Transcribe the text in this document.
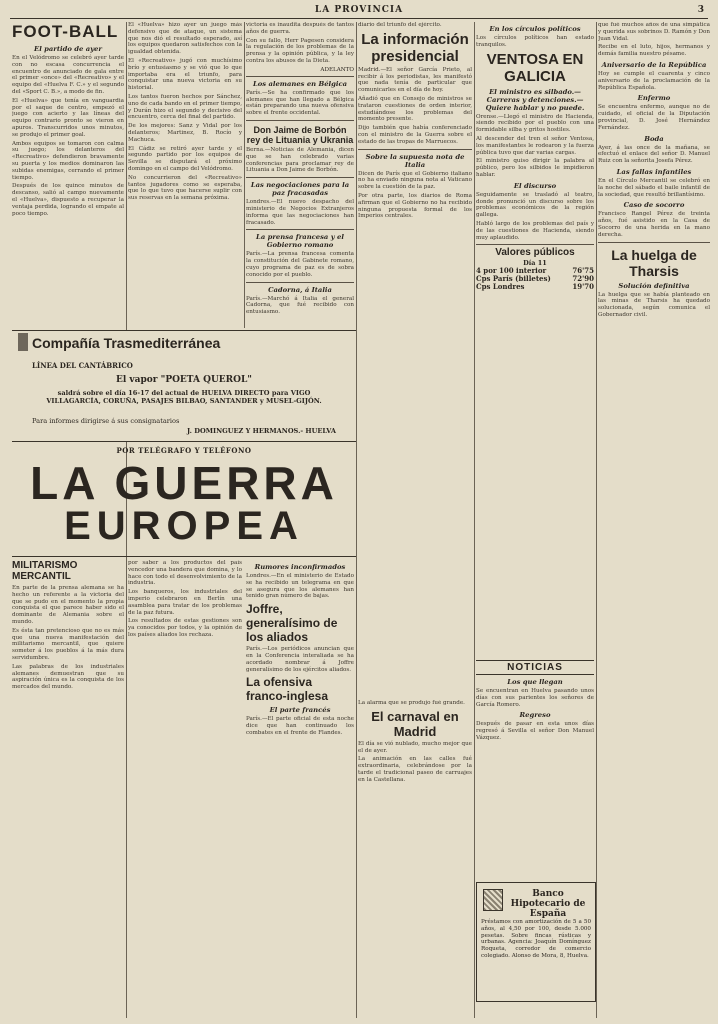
LA PROVINCIA	3
FOOT-BALL
El partido de ayer

En el Velódromo se celebró ayer tarde con no escasa concurrencia el encuentro de anunciado de gala entre el primer «once» del «Recreativo» y el equipo del «Huelva F. C.» y el segundo del «Sport C. B.», a modo de fin.

El «Huelva» que tenía en vanguardia por el saque de centro, empezó el juego con acierto y las líneas del equipo contrario pronto se vieron en apuros. Transcurridos unos minutos, se produjo el primer goal.

Ambos equipos se tomaron con calma su juego; los delanteros del «Recreativo» defendieron bravamente su puerta y los medios dominaron las subidas enemigas, cerrando el primer tiempo.

Después de los quince minutos de descanso, salió al campo nuevamente el «Huelva», dispuesto a recuperar la ventaja perdida, logrando el empate al poco tiempo.

El «Huelva» hizo ayer un juego más defensivo que de ataque, un sistema que nos dió el resultado esperado, así los equipos quedaron satisfechos con la igualdad obtenida.

El «Recreativo» jugó con muchísimo brío y entusiasmo y se vió que lo que importaba era el triunfo, para conquistar una nueva victoria en su historial.

Los tantos fueron hechos por Sánchez, uno de cada bando en el primer tiempo, y Durán hizo el segundo y decisivo del encuentro, cerca del final del partido.

De los mejores: Sanz y Vidal por los delanteros; Martinez, B. Rocío y Machuca.

El Cádiz se retiró ayer tarde y el segundo partido por los equipos de Sevilla se disputará el próximo domingo en el campo del Velódromo.

No concurrieron del «Recreativo» tantos jugadores como se esperaba, que lo que tuvo que hacerse suplir con sus reservas en la semana próxima.

victoria es inaudita después de tantos años de guerra.

Con su fallo, Herr Pagesen considera la regulación de los problemas de la prensa y la opinión pública, y la ley contra los abusos de la Dieta.

ADELANTO
Los alemanes en Bélgica

París.—Se ha confirmado que los alemanes que han llegado a Bélgica están preparando una nueva ofensiva sobre el frente occidental.

Don Jaime de Borbón rey de Lituania y Ukrania

Berna.—Noticias de Alemania, dicen que se han celebrado varias conferencias para proclamar rey de Lituania a Don Jaime de Borbón.

Las negociaciones para la paz fracasadas

Londres.—El nuevo despacho del ministerio de Negocios Extranjeros informa que las negociaciones han fracasado.

La prensa francesa y el Gobierno romano

París.—La prensa francesa comenta la constitución del Gabinete romano, cuyo programa de paz es de sobra conocido por el pueblo.

Cadorna, á Italia

París.—Marchó á Italia el general Cadorna, que fué recibido con entusiasmo.

diario del triunfo del ejército.

La información presidencial

Madrid.—El señor García Prieto, al recibir á los periodistas, les manifestó que nada tenía de particular que comunicarles en el día de hoy.

Añadió que en Consejo de ministros se trataron cuestiones de orden interior, estudiándose los problemas del momento presente.

Dijo también que había conferenciado con el ministro de la Guerra sobre el estado de las tropas de Marruecos.

Sobre la supuesta nota de Italia

Dicen de París que el Gobierno italiano no ha enviado ninguna nota al Vaticano sobre la cuestión de la paz.

Por otra parte, los diarios de Roma afirman que el Gobierno no ha recibido ninguna propuesta formal de los Imperios centrales.

En los círculos políticos

Los círculos políticos han estado tranquilos.

VENTOSA EN GALICIA
El ministro es silbado.—Carreras y detenciones.—Quiere hablar y no puede.

Orense.—Llegó el ministro de Hacienda, siendo recibido por el pueblo con una formidable silba y gritos hostiles.

Al descender del tren el señor Ventosa, los manifestantes le rodearon y la fuerza pública tuvo que dar varias cargas.

El ministro quiso dirigir la palabra al público, pero los silbidos le impidieron hablar.

El discurso

Seguidamente se trasladó al teatro, donde pronunció un discurso sobre los problemas económicos de la región gallega.

Habló largo de los problemas del país y de las cuestiones de Hacienda, siendo muy aplaudido.

Valores públicos
Día 11
4 por 100 interior	76'75
Cps París (billetes)	72'90
Cps Londres	19'70

que fué muchos años de una simpática y querida sus sobrinos D. Ramón y Don Juan Vidal.

Recibe en el luto, hijos, hermanos y demás familia nuestro pésame.

Aniversario de la República

Hoy se cumple el cuarenta y cinco aniversario de la proclamación de la República Española.

Enfermo

Se encuentra enfermo, aunque no de cuidado, el oficial de la Diputación provincial, D. José Hernández Fernández.

Boda

Ayer, á las once de la mañana, se efectuó el enlace del señor D. Manuel Ruiz con la señorita Josefa Pérez.

Las fallas infantiles

En el Círculo Mercantil se celebró en la noche del sábado el baile infantil de la sociedad, que resultó brillantísimo.

Caso de socorro

Francisco Rangel Pérez de treinta años, fué asistido en la Casa de Socorro de una herida en la mano derecha.

La huelga de Tharsis
Solución definitiva

La huelga que se había planteado en las minas de Tharsis ha quedado solucionada, según comunica el Gobernador civil.

Compañía Trasmediterránea
LÍNEA DEL CANTÁBRICO
El vapor "POETA QUEROL"
saldrá sobre el día 16-17 del actual de HUELVA DIRECTO para VIGO VILLAGARCÍA, CORUÑA, PASAJES BILBAO, SANTANDER y MUSEL-GIJÓN.
Para informes dirigirse á sus consignatarios
J. DOMINGUEZ Y HERMANOS.- HUELVA
POR TELÉGRAFO Y TELÉFONO
LA GUERRA
EUROPEA
MILITARISMO MERCANTIL

En parte de la prensa alemana se ha hecho un referente a la victoria del que se pudo en el momento la propia conquista el que parece haber sido el dominante de Alemania sobre el mundo.

Es ésta tan pretencioso que no es más que una nueva manifestación del militarismo mercantil, que quiere someter á los pueblos á la más dura servidumbre.

Las palabras de los industriales alemanes demuestran que su aspiración única es la conquista de los mercados del mundo.

por saber a los productos del país vencedor una bandera que domina, y lo hace con todo el desenvolvimiento de la industria.

Los banqueros, los industriales del imperio celebraron en Berlín una asamblea para tratar de los problemas de la paz futura.

Los resultados de estas gestiones son ya conocidos por todos, y la opinión de los países aliados los rechaza.

Rumores inconfirmados

Londres.—En el ministerio de Estado se ha recibido un telegrama en que se asegura que los alemanes han tenido gran número de bajas.

Joffre, generalísimo de los aliados

París.—Los periódicos anuncian que en la Conferencia interaliada se ha acordado nombrar á Joffre generalísimo de los ejércitos aliados.

La ofensiva franco-inglesa
El parte francés

París.—El parte oficial de esta noche dice que han continuado los combates en el frente de Flandes.

La alarma que se produjo fué grande.

El carnaval en Madrid

El día se vió nublado, mucho mejor que el de ayer.

La animación en las calles fué extraordinaria, celebrándose por la tarde el tradicional paseo de carruajes en la Castellana.

NOTICIAS
Los que llegan

Se encuentran en Huelva pasando unos días con sus parientes los señores de García Romero.

Regreso

Después de pasar en esta unos días regresó á Sevilla el señor Don Manuel Vázquez.

Banco Hipotecario de España
Préstamos con amortización de 5 a 50 años, al 4,50 por 100, desde 5.000 pesetas. Sobre fincas rústicas y urbanas. Agencia: Joaquín Domínguez Roqueta, corredor de comercio colegiado. Alonso de Mora, 8, Huelva.
